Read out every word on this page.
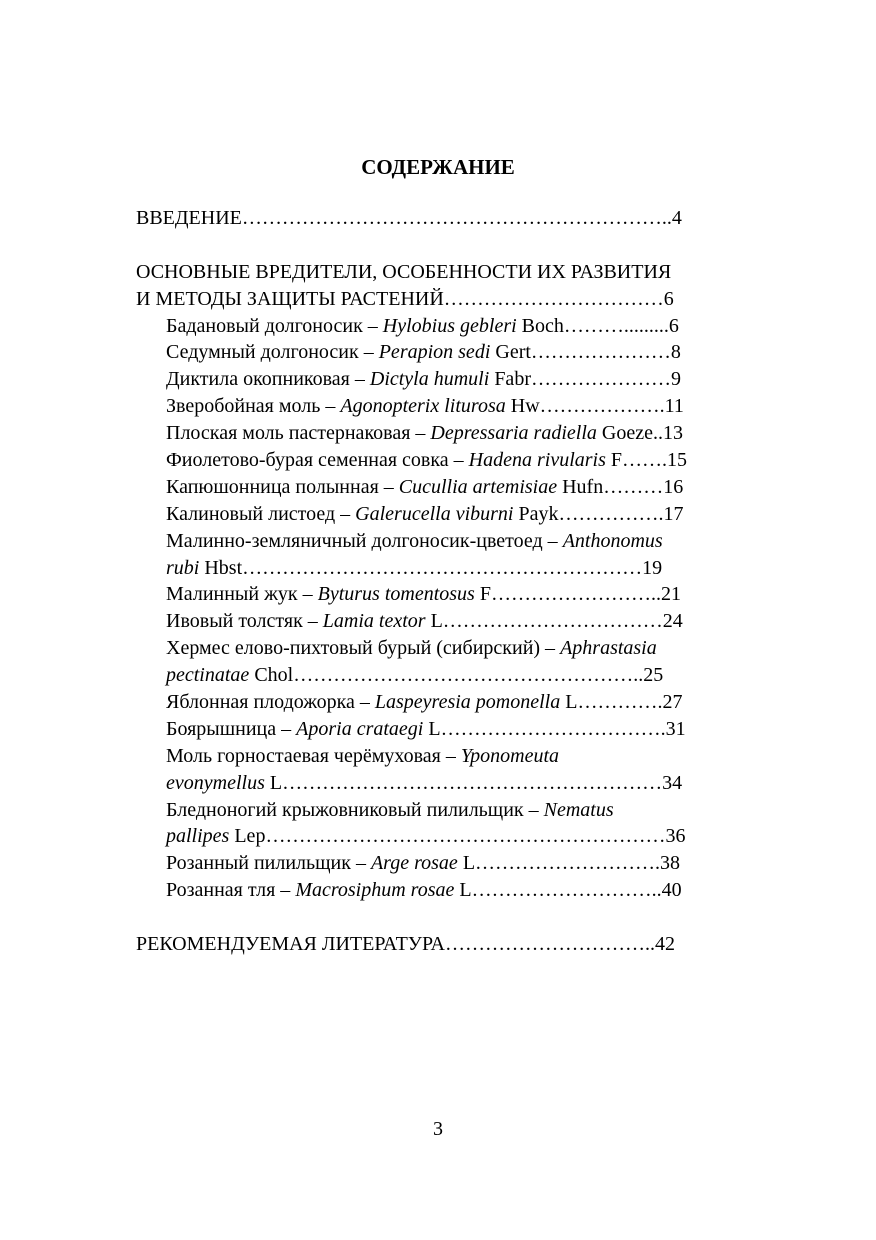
СОДЕРЖАНИЕ
ВВЕДЕНИЕ………………………………………………………..4
ОСНОВНЫЕ ВРЕДИТЕЛИ, ОСОБЕННОСТИ ИХ РАЗВИТИЯ
И МЕТОДЫ ЗАЩИТЫ РАСТЕНИЙ……………………………6
Бадановый долгоносик – Hylobius gebleri Boch……….........6
Седумный долгоносик – Perapion sedi Gert…………………8
Диктила окопниковая – Dictyla humuli Fabr…………………9
Зверобойная моль – Agonopterix liturosa Hw……………….11
Плоская моль пастернаковая – Depressaria radiella Goeze..13
Фиолетово-бурая семенная совка – Hadena rivularis F…….15
Капюшонница полынная – Cucullia artemisiae Hufn………16
Калиновый листоед – Galerucella viburni Payk…………….17
Малинно-земляничный долгоносик-цветоед – Anthonomus
rubi Hbst……………………………………………………19
Малинный жук – Byturus tomentosus F……………………..21
Ивовый толстяк – Lamia textor L……………………………24
Хермес елово-пихтовый бурый (сибирский) – Aphrastasia
pectinatae Chol……………………………………………..25
Яблонная плодожорка – Laspeyresia pomonella L………….27
Боярышница – Aporia crataegi L…………………………….31
Моль горностаевая черёмуховая – Yponomeuta
evonymellus L…………………………………………………34
Бледноногий крыжовниковый пилильщик – Nematus
pallipes Lep……………………………………………………36
Розанный пилильщик – Arge rosae L……………………….38
Розанная тля – Macrosiphum rosae L………………………..40
РЕКОМЕНДУЕМАЯ ЛИТЕРАТУРА…………………………..42
3
